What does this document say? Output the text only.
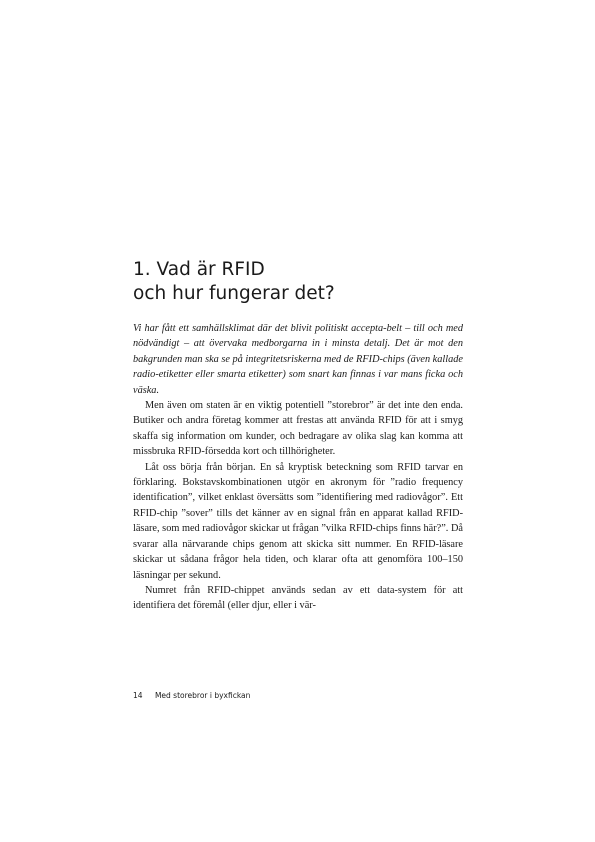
1. Vad är RFID
och hur fungerar det?

Vi har fått ett samhällsklimat där det blivit politiskt accepta-belt – till och med nödvändigt – att övervaka medborgarna in i minsta detalj. Det är mot den bakgrunden man ska se på integritetsriskerna med de RFID-chips (även kallade radio-etiketter eller smarta etiketter) som snart kan finnas i var mans ficka och väska.

Men även om staten är en viktig potentiell ”storebror” är det inte den enda. Butiker och andra företag kommer att frestas att använda RFID för att i smyg skaffa sig information om kunder, och bedragare av olika slag kan komma att missbruka RFID-försedda kort och tillhörigheter.

Låt oss börja från början. En så kryptisk beteckning som RFID tarvar en förklaring. Bokstavskombinationen utgör en akronym för ”radio frequency identification”, vilket enklast översätts som ”identifiering med radiovågor”. Ett RFID-chip ”sover” tills det känner av en signal från en apparat kallad RFID-läsare, som med radiovågor skickar ut frågan ”vilka RFID-chips finns här?”. Då svarar alla närvarande chips genom att skicka sitt nummer. En RFID-läsare skickar ut sådana frågor hela tiden, och klarar ofta att genomföra 100–150 läsningar per sekund.

Numret från RFID-chippet används sedan av ett data-system för att identifiera det föremål (eller djur, eller i vär-

14 Med storebror i byxfickan
